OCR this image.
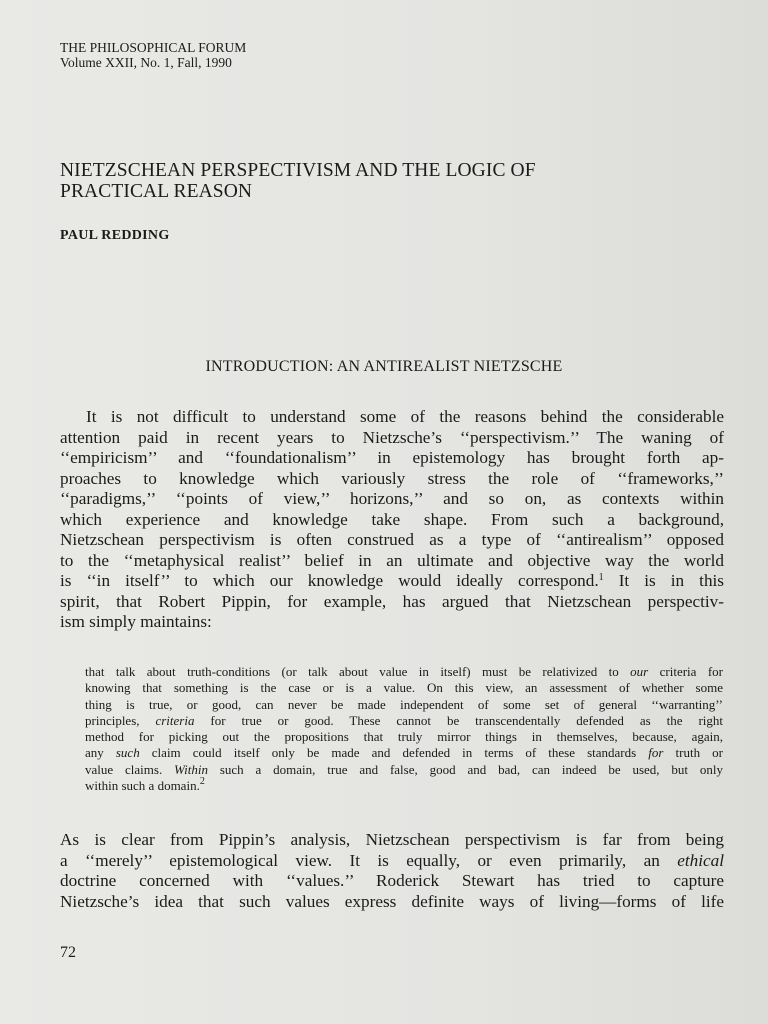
THE PHILOSOPHICAL FORUM
Volume XXII, No. 1, Fall, 1990
NIETZSCHEAN PERSPECTIVISM AND THE LOGIC OF
PRACTICAL REASON
PAUL REDDING
INTRODUCTION: AN ANTIREALIST NIETZSCHE
It is not difficult to understand some of the reasons behind the considerable
attention paid in recent years to Nietzsche’s ‘‘perspectivism.’’ The waning of
‘‘empiricism’’ and ‘‘foundationalism’’ in epistemology has brought forth ap-
proaches to knowledge which variously stress the role of ‘‘frameworks,’’
‘‘paradigms,’’ ‘‘points of view,’’ horizons,’’ and so on, as contexts within
which experience and knowledge take shape. From such a background,
Nietzschean perspectivism is often construed as a type of ‘‘antirealism’’ opposed
to the ‘‘metaphysical realist’’ belief in an ultimate and objective way the world
is ‘‘in itself’’ to which our knowledge would ideally correspond.$^1$ It is in this
spirit, that Robert Pippin, for example, has argued that Nietzschean perspectiv-
ism simply maintains:
that talk about truth-conditions (or talk about value in itself) must be relativized to our criteria for
knowing that something is the case or is a value. On this view, an assessment of whether some
thing is true, or good, can never be made independent of some set of general ‘‘warranting’’
principles, criteria for true or good. These cannot be transcendentally defended as the right
method for picking out the propositions that truly mirror things in themselves, because, again,
any such claim could itself only be made and defended in terms of these standards for truth or
value claims. Within such a domain, true and false, good and bad, can indeed be used, but only
within such a domain.$^2$
As is clear from Pippin’s analysis, Nietzschean perspectivism is far from being
a ‘‘merely’’ epistemological view. It is equally, or even primarily, an ethical
doctrine concerned with ‘‘values.’’ Roderick Stewart has tried to capture
Nietzsche’s idea that such values express definite ways of living—forms of life
72
